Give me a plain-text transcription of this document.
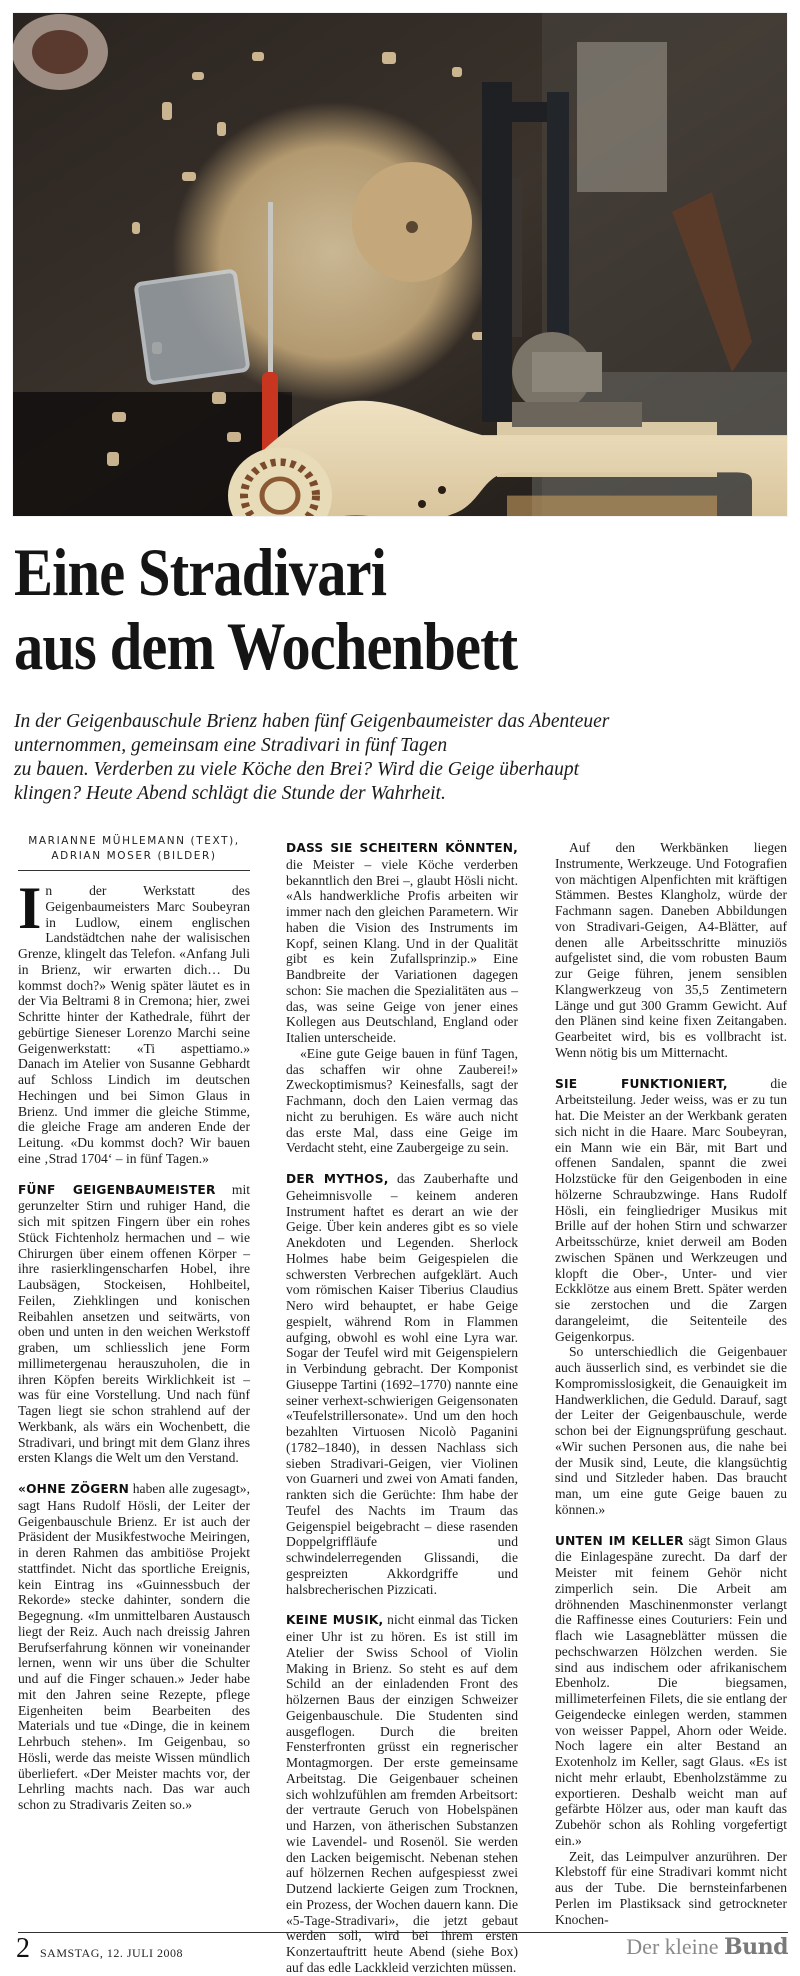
Eine Stradivari
aus dem Wochenbett
In der Geigenbauschule Brienz haben fünf Geigenbaumeister das Abenteuer
unternommen, gemeinsam eine Stradivari in fünf Tagen
zu bauen. Verderben zu viele Köche den Brei? Wird die Geige überhaupt
klingen? Heute Abend schlägt die Stunde der Wahrheit.
MARIANNE MÜHLEMANN (TEXT),
ADRIAN MOSER (BILDER)

In der Werkstatt des Geigenbaumeisters Marc Soubeyran in Ludlow, einem englischen Landstädtchen nahe der walisischen Grenze, klingelt das Telefon. «Anfang Juli in Brienz, wir erwarten dich… Du kommst doch?» Wenig später läutet es in der Via Beltrami 8 in Cremona; hier, zwei Schritte hinter der Kathedrale, führt der gebürtige Sieneser Lorenzo Marchi seine Geigenwerkstatt: «Ti aspettiamo.» Danach im Atelier von Susanne Gebhardt auf Schloss Lindich im deutschen Hechingen und bei Simon Glaus in Brienz. Und immer die gleiche Stimme, die gleiche Frage am anderen Ende der Leitung. «Du kommst doch? Wir bauen eine ‚Strad 1704‘ – in fünf Tagen.»

FÜNF GEIGENBAUMEISTER mit gerunzelter Stirn und ruhiger Hand, die sich mit spitzen Fingern über ein rohes Stück Fichtenholz hermachen und – wie Chirurgen über einem offenen Körper – ihre rasierklingenscharfen Hobel, ihre Laubsägen, Stockeisen, Hohlbeitel, Feilen, Ziehklingen und konischen Reibahlen ansetzen und seitwärts, von oben und unten in den weichen Werkstoff graben, um schliesslich jene Form millimetergenau herauszuholen, die in ihren Köpfen bereits Wirklichkeit ist – was für eine Vorstellung. Und nach fünf Tagen liegt sie schon strahlend auf der Werkbank, als wärs ein Wochenbett, die Stradivari, und bringt mit dem Glanz ihres ersten Klangs die Welt um den Verstand.

«OHNE ZÖGERN haben alle zugesagt», sagt Hans Rudolf Hösli, der Leiter der Geigenbauschule Brienz. Er ist auch der Präsident der Musikfestwoche Meiringen, in deren Rahmen das ambitiöse Projekt stattfindet. Nicht das sportliche Ereignis, kein Eintrag ins «Guinnessbuch der Rekorde» stecke dahinter, sondern die Begegnung. «Im unmittelbaren Austausch liegt der Reiz. Auch nach dreissig Jahren Berufserfahrung können wir voneinander lernen, wenn wir uns über die Schulter und auf die Finger schauen.» Jeder habe mit den Jahren seine Rezepte, pflege Eigenheiten beim Bearbeiten des Materials und tue «Dinge, die in keinem Lehrbuch stehen». Im Geigenbau, so Hösli, werde das meiste Wissen mündlich überliefert. «Der Meister machts vor, der Lehrling machts nach. Das war auch schon zu Stradivaris Zeiten so.»

DASS SIE SCHEITERN KÖNNTEN, die Meister – viele Köche verderben bekanntlich den Brei –, glaubt Hösli nicht. «Als handwerkliche Profis arbeiten wir immer nach den gleichen Parametern. Wir haben die Vision des Instruments im Kopf, seinen Klang. Und in der Qualität gibt es kein Zufallsprinzip.» Eine Bandbreite der Variationen dagegen schon: Sie machen die Spezialitäten aus – das, was seine Geige von jener eines Kollegen aus Deutschland, England oder Italien unterscheide.

«Eine gute Geige bauen in fünf Tagen, das schaffen wir ohne Zauberei!» Zweckoptimismus? Keinesfalls, sagt der Fachmann, doch den Laien vermag das nicht zu beruhigen. Es wäre auch nicht das erste Mal, dass eine Geige im Verdacht steht, eine Zaubergeige zu sein.

DER MYTHOS, das Zauberhafte und Geheimnisvolle – keinem anderen Instrument haftet es derart an wie der Geige. Über kein anderes gibt es so viele Anekdoten und Legenden. Sherlock Holmes habe beim Geigespielen die schwersten Verbrechen aufgeklärt. Auch vom römischen Kaiser Tiberius Claudius Nero wird behauptet, er habe Geige gespielt, während Rom in Flammen aufging, obwohl es wohl eine Lyra war. Sogar der Teufel wird mit Geigenspielern in Verbindung gebracht. Der Komponist Giuseppe Tartini (1692–1770) nannte eine seiner verhext-schwierigen Geigensonaten «Teufelstrillersonate». Und um den hoch bezahlten Virtuosen Nicolò Paganini (1782–1840), in dessen Nachlass sich sieben Stradivari-Geigen, vier Violinen von Guarneri und zwei von Amati fanden, rankten sich die Gerüchte: Ihm habe der Teufel des Nachts im Traum das Geigenspiel beigebracht – diese rasenden Doppelgriffläufe und schwindelerregenden Glissandi, die gespreizten Akkordgriffe und halsbrecherischen Pizzicati.

KEINE MUSIK, nicht einmal das Ticken einer Uhr ist zu hören. Es ist still im Atelier der Swiss School of Violin Making in Brienz. So steht es auf dem Schild an der einladenden Front des hölzernen Baus der einzigen Schweizer Geigenbauschule. Die Studenten sind ausgeflogen. Durch die breiten Fensterfronten grüsst ein regnerischer Montagmorgen. Der erste gemeinsame Arbeitstag. Die Geigenbauer scheinen sich wohlzufühlen am fremden Arbeitsort: der vertraute Geruch von Hobelspänen und Harzen, von ätherischen Substanzen wie Lavendel- und Rosenöl. Sie werden den Lacken beigemischt. Nebenan stehen auf hölzernen Rechen aufgespiesst zwei Dutzend lackierte Geigen zum Trocknen, ein Prozess, der Wochen dauern kann. Die «5-Tage-Stradivari», die jetzt gebaut werden soll, wird bei ihrem ersten Konzertauftritt heute Abend (siehe Box) auf das edle Lackkleid verzichten müssen.

Auf den Werkbänken liegen Instrumente, Werkzeuge. Und Fotografien von mächtigen Alpenfichten mit kräftigen Stämmen. Bestes Klangholz, würde der Fachmann sagen. Daneben Abbildungen von Stradivari-Geigen, A4-Blätter, auf denen alle Arbeitsschritte minuziös aufgelistet sind, die vom robusten Baum zur Geige führen, jenem sensiblen Klangwerkzeug von 35,5 Zentimetern Länge und gut 300 Gramm Gewicht. Auf den Plänen sind keine fixen Zeitangaben. Gearbeitet wird, bis es vollbracht ist. Wenn nötig bis um Mitternacht.

SIE FUNKTIONIERT, die Arbeitsteilung. Jeder weiss, was er zu tun hat. Die Meister an der Werkbank geraten sich nicht in die Haare. Marc Soubeyran, ein Mann wie ein Bär, mit Bart und offenen Sandalen, spannt die zwei Holzstücke für den Geigenboden in eine hölzerne Schraubzwinge. Hans Rudolf Hösli, ein feingliedriger Musikus mit Brille auf der hohen Stirn und schwarzer Arbeitsschürze, kniet derweil am Boden zwischen Spänen und Werkzeugen und klopft die Ober-, Unter- und vier Eckklötze aus einem Brett. Später werden sie zerstochen und die Zargen darangeleimt, die Seitenteile des Geigenkorpus.

So unterschiedlich die Geigenbauer auch äusserlich sind, es verbindet sie die Kompromisslosigkeit, die Genauigkeit im Handwerklichen, die Geduld. Darauf, sagt der Leiter der Geigenbauschule, werde schon bei der Eignungsprüfung geschaut. «Wir suchen Personen aus, die nahe bei der Musik sind, Leute, die klangsüchtig sind und Sitzleder haben. Das braucht man, um eine gute Geige bauen zu können.»

UNTEN IM KELLER sägt Simon Glaus die Einlagespäne zurecht. Da darf der Meister mit feinem Gehör nicht zimperlich sein. Die Arbeit am dröhnenden Maschinenmonster verlangt die Raffinesse eines Couturiers: Fein und flach wie Lasagneblätter müssen die pechschwarzen Hölzchen werden. Sie sind aus indischem oder afrikanischem Ebenholz. Die biegsamen, millimeterfeinen Filets, die sie entlang der Geigendecke einlegen werden, stammen von weisser Pappel, Ahorn oder Weide. Noch lagere ein alter Bestand an Exotenholz im Keller, sagt Glaus. «Es ist nicht mehr erlaubt, Ebenholzstämme zu exportieren. Deshalb weicht man auf gefärbte Hölzer aus, oder man kauft das Zubehör schon als Rohling vorgefertigt ein.»

Zeit, das Leimpulver anzurühren. Der Klebstoff für eine Stradivari kommt nicht aus der Tube. Die bernsteinfarbenen Perlen im Plastiksack sind getrockneter Knochen-

2 SAMSTAG, 12. JULI 2008	Der kleine Bund
